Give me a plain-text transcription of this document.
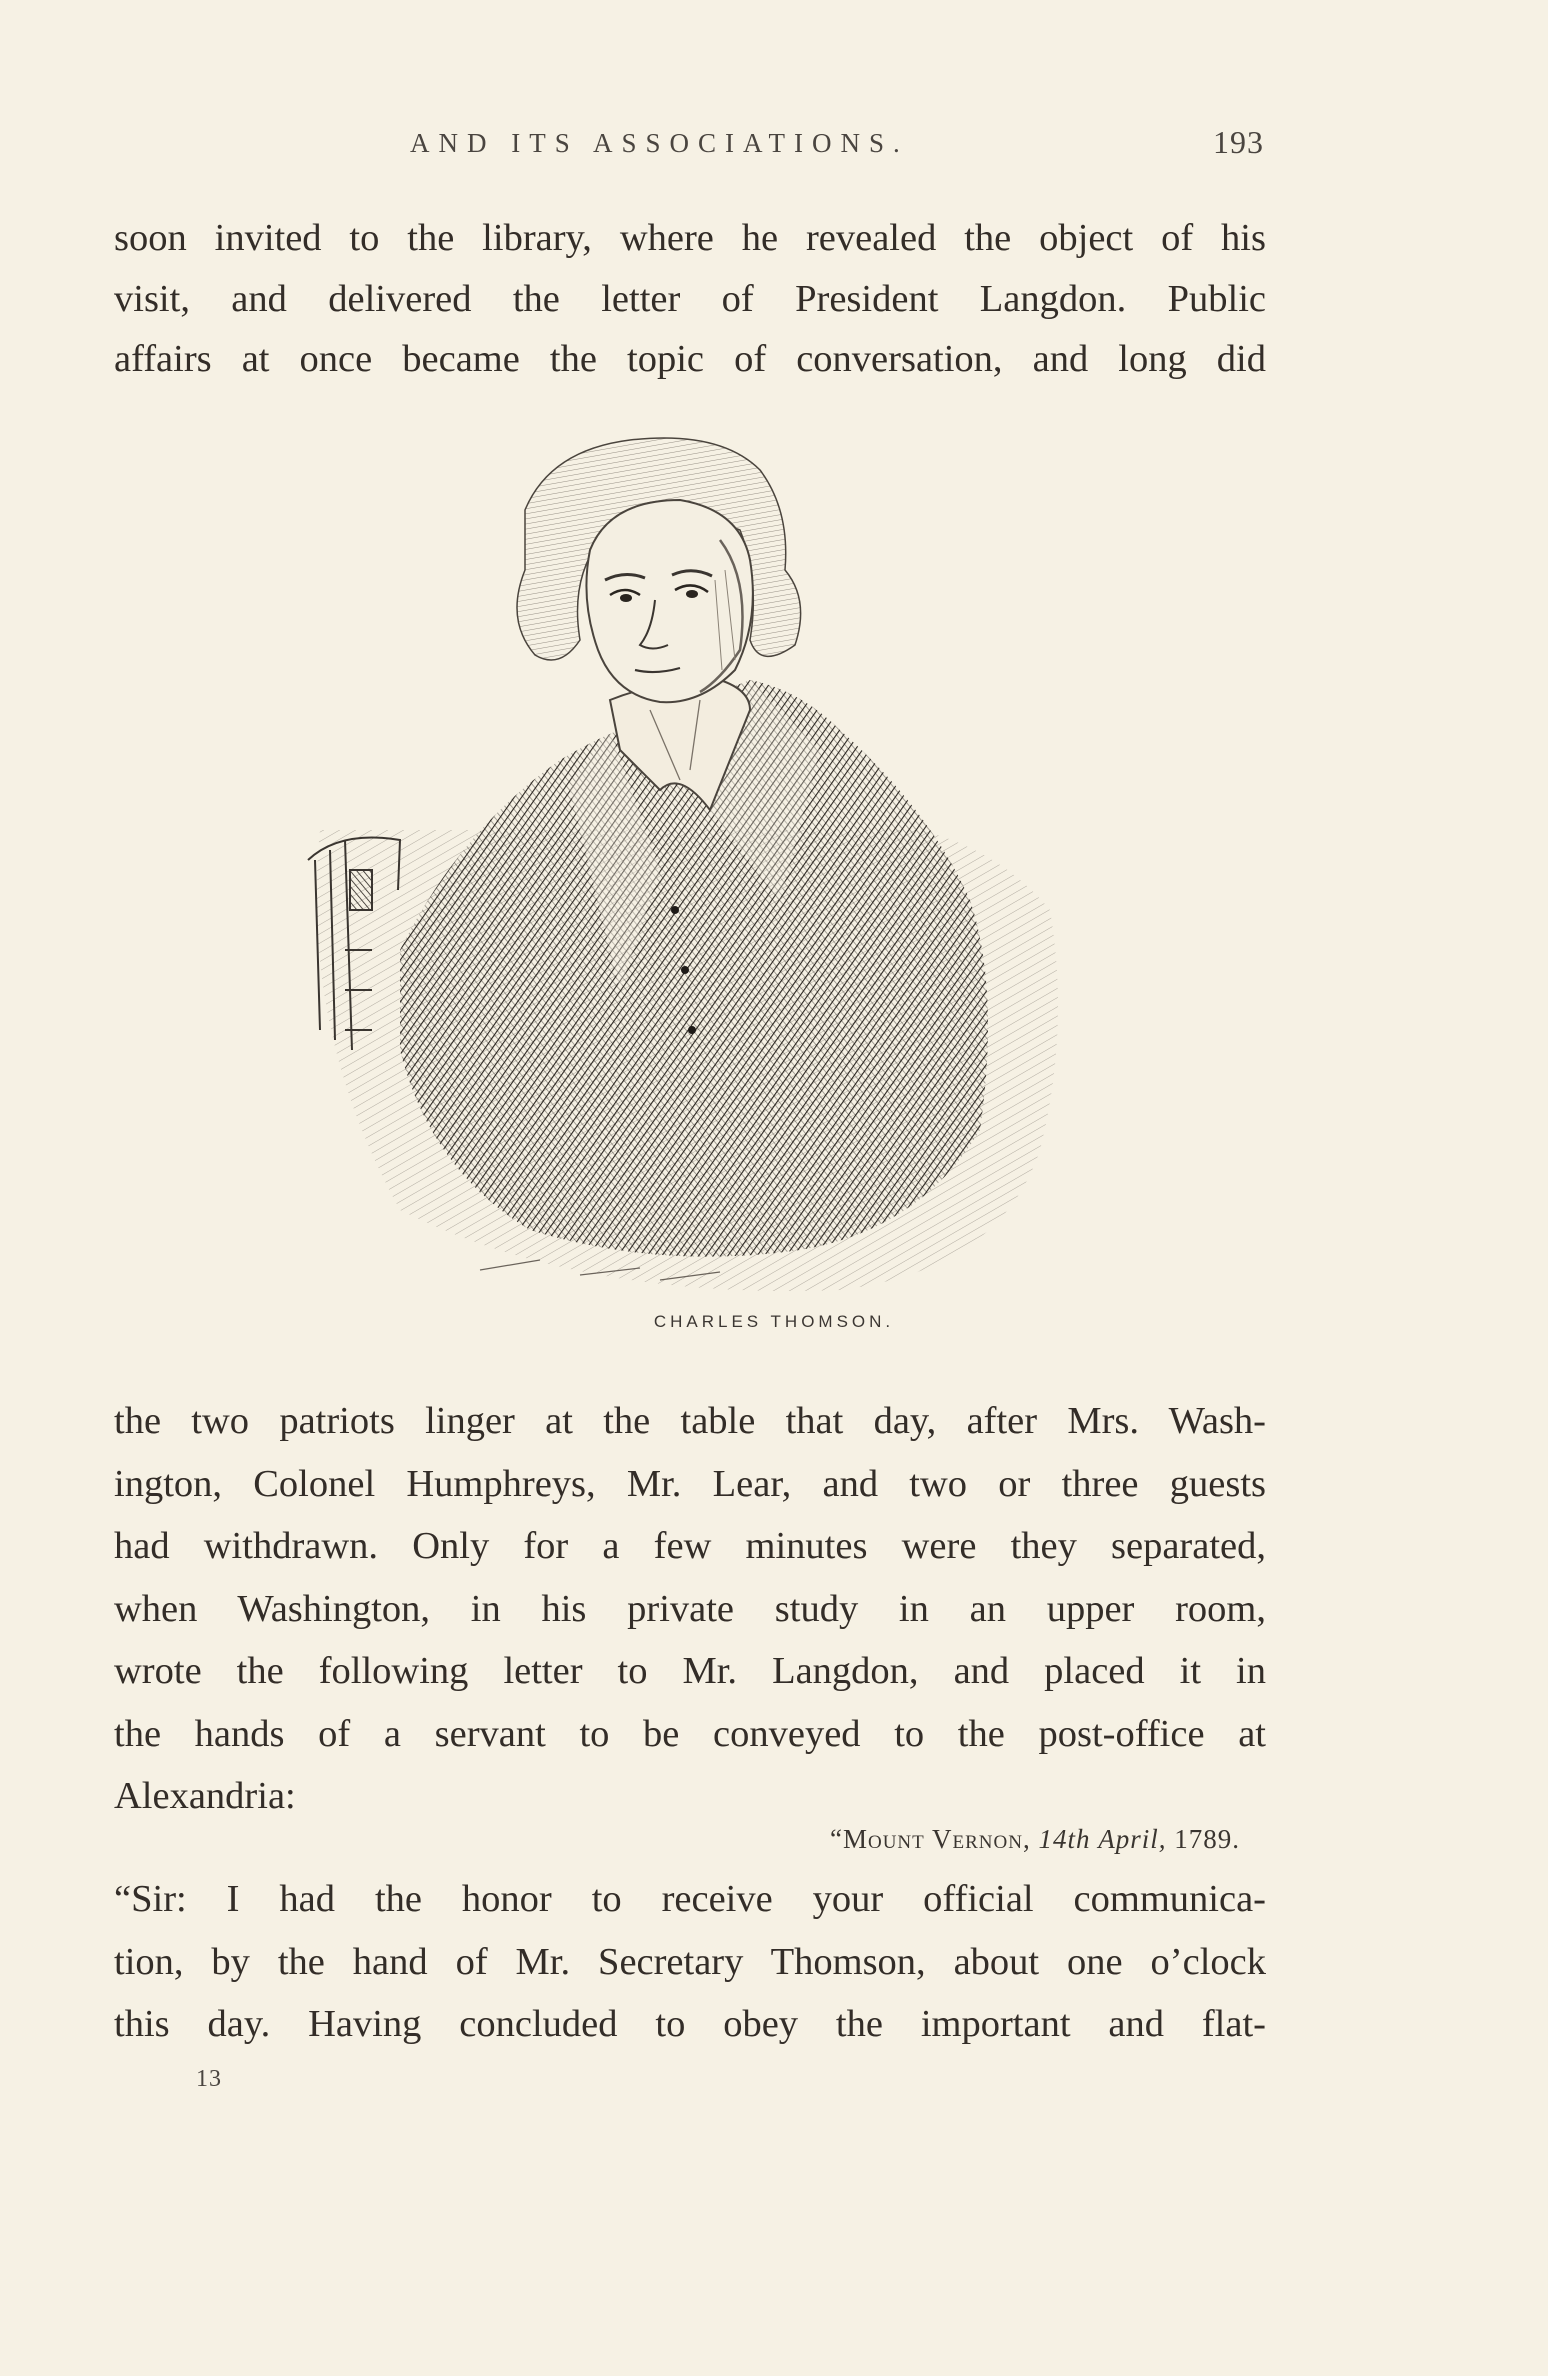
AND ITS ASSOCIATIONS.	193
soon invited to the library, where he revealed the object of his
visit, and delivered the letter of President Langdon. Public
affairs at once became the topic of conversation, and long did
CHARLES THOMSON.
the two patriots linger at the table that day, after Mrs. Wash-
ington, Colonel Humphreys, Mr. Lear, and two or three guests
had withdrawn. Only for a few minutes were they separated,
when Washington, in his private study in an upper room,
wrote the following letter to Mr. Langdon, and placed it in
the hands of a servant to be conveyed to the post-office at
Alexandria:
“Mount Vernon, 14th April, 1789.
“Sir: I had the honor to receive your official communica-
tion, by the hand of Mr. Secretary Thomson, about one o’clock
this day. Having concluded to obey the important and flat-
13
